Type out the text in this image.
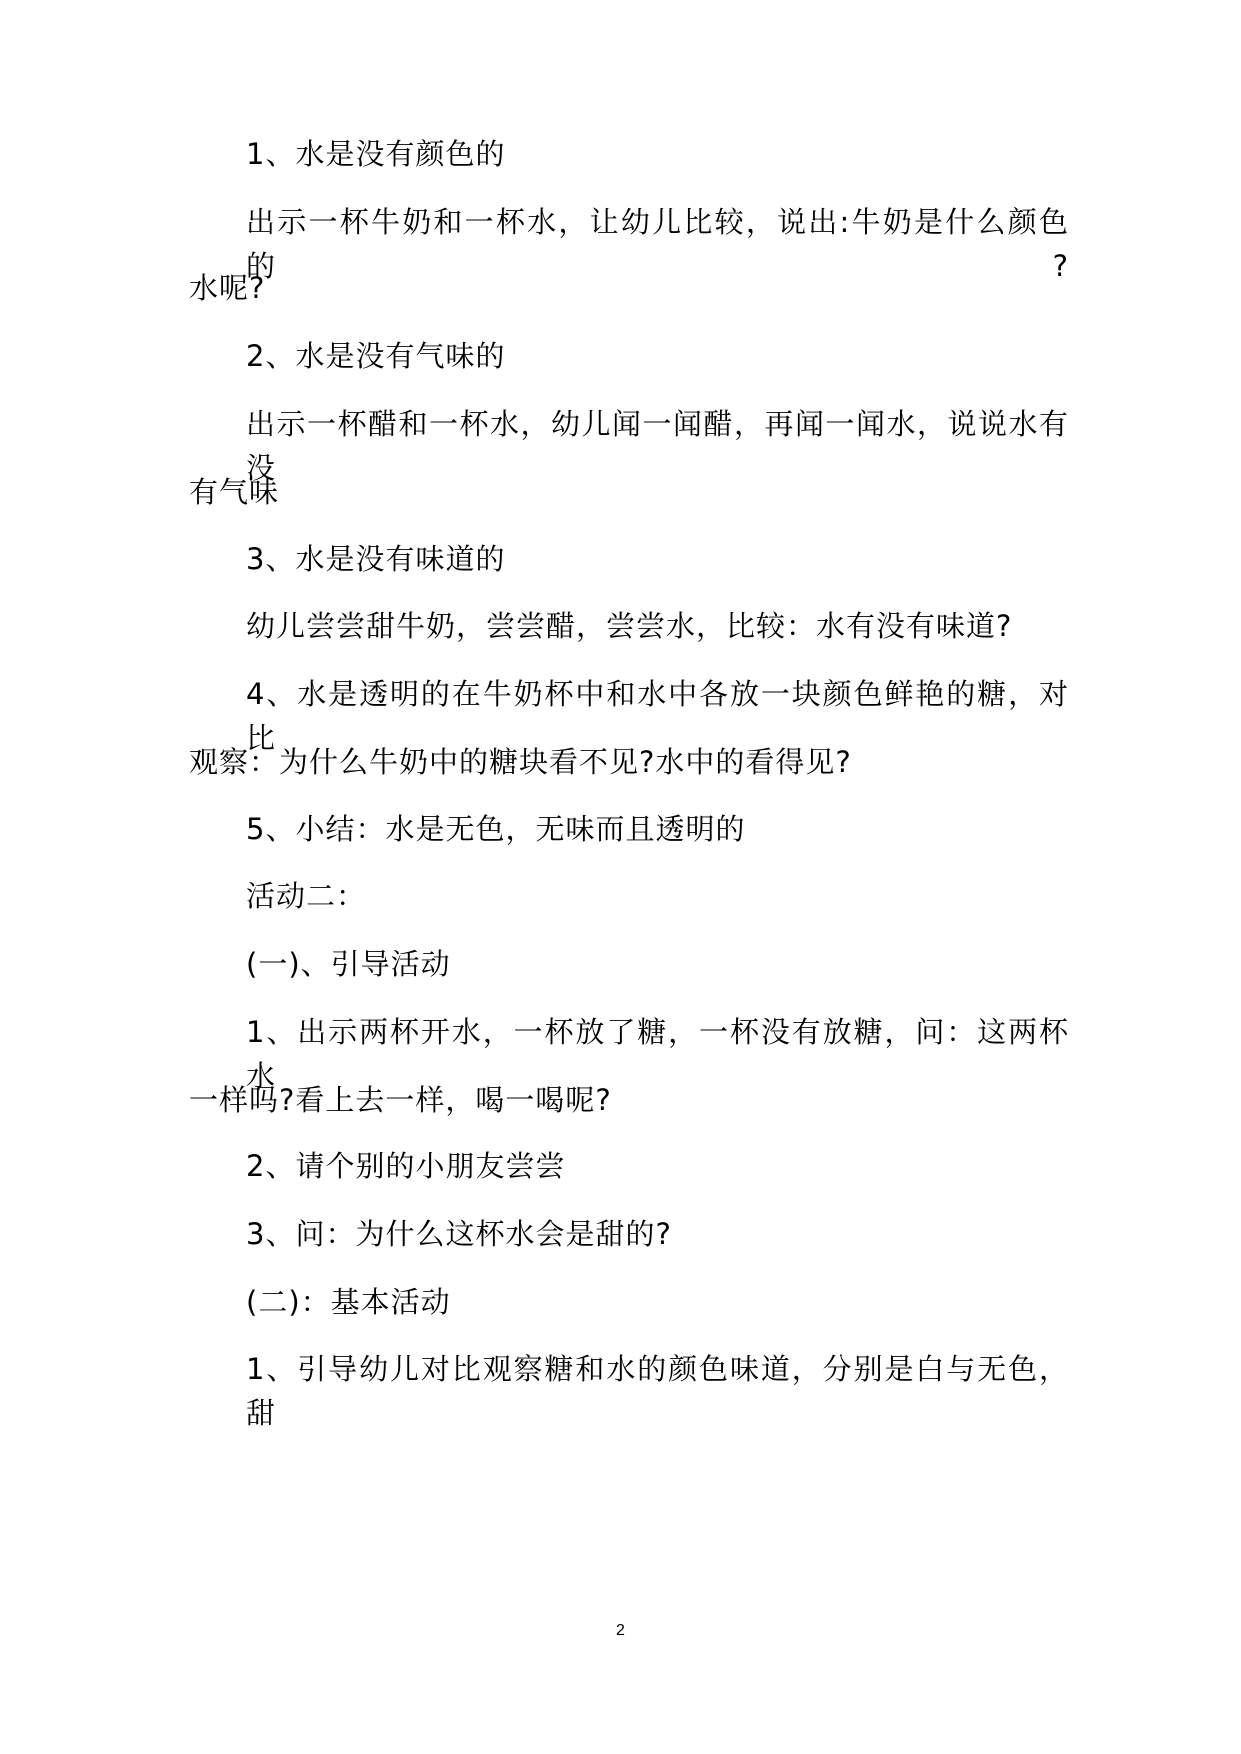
1、水是没有颜色的
出示一杯牛奶和一杯水，让幼儿比较，说出:牛奶是什么颜色的?
水呢?
2、水是没有气味的
出示一杯醋和一杯水，幼儿闻一闻醋，再闻一闻水，说说水有没
有气味
3、水是没有味道的
幼儿尝尝甜牛奶，尝尝醋，尝尝水，比较：水有没有味道?
4、水是透明的在牛奶杯中和水中各放一块颜色鲜艳的糖，对比
观察：为什么牛奶中的糖块看不见?水中的看得见?
5、小结：水是无色，无味而且透明的
活动二：
(一)、引导活动
1、出示两杯开水，一杯放了糖，一杯没有放糖，问：这两杯水
一样吗?看上去一样，喝一喝呢?
2、请个别的小朋友尝尝
3、问：为什么这杯水会是甜的?
(二)：基本活动
1、引导幼儿对比观察糖和水的颜色味道，分别是白与无色，甜
2
